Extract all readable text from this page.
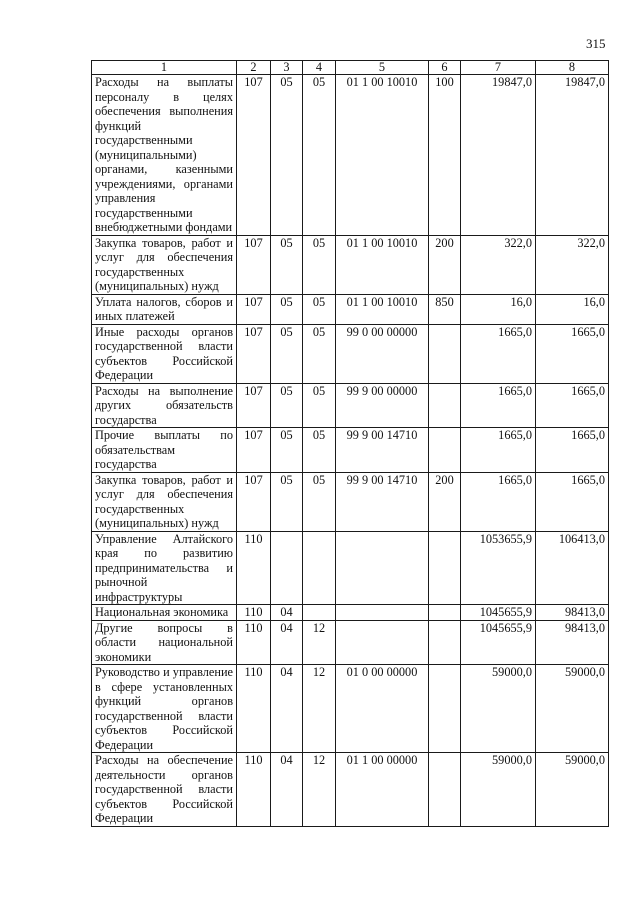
315
1	2	3	4	5	6	7	8
Расходы на выплаты персоналу в целях обеспечения выполнения функций государственными (муниципальными) органами, казенными учреждениями, органами управления государственными внебюджетными фондами	107	05	05	01 1 00 10010	100	19847,0	19847,0
Закупка товаров, работ и услуг для обеспечения государственных (муниципальных) нужд	107	05	05	01 1 00 10010	200	322,0	322,0
Уплата налогов, сборов и иных платежей	107	05	05	01 1 00 10010	850	16,0	16,0
Иные расходы органов государственной власти субъектов Российской Федерации	107	05	05	99 0 00 00000		1665,0	1665,0
Расходы на выполнение других обязательств государства	107	05	05	99 9 00 00000		1665,0	1665,0
Прочие выплаты по обязательствам государства	107	05	05	99 9 00 14710		1665,0	1665,0
Закупка товаров, работ и услуг для обеспечения государственных (муниципальных) нужд	107	05	05	99 9 00 14710	200	1665,0	1665,0
Управление Алтайского края по развитию предпринимательства и рыночной инфраструктуры	110					1053655,9	106413,0
Национальная экономика	110	04				1045655,9	98413,0
Другие вопросы в области национальной экономики	110	04	12			1045655,9	98413,0
Руководство и управление в сфере установленных функций органов государственной власти субъектов Российской Федерации	110	04	12	01 0 00 00000		59000,0	59000,0
Расходы на обеспечение деятельности органов государственной власти субъектов Российской Федерации	110	04	12	01 1 00 00000		59000,0	59000,0
